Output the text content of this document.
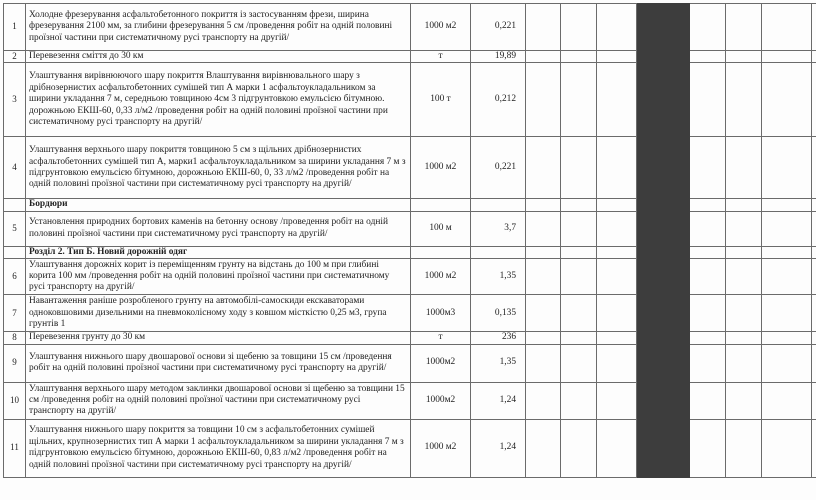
1	Холодне фрезерування асфальтобетонного покриття із застосуванням фрези, ширина фрезерування 2100 мм, за глибини фрезерування 5 см /проведення робіт на одній половині проїзної частини при систематичному русі транспорту на другій/	1000 м2	0,221								
2	Перевезення сміття до 30 км	т	19,89								
3	Улаштування вирівнюючого шару покриття Влаштування вирівнювального шару з дрібнозернистих асфальтобетонних сумішей тип А марки 1 асфальтоукладальником за ширини укладання 7 м, середньою товщиною 4см 3 підгрунтовкою емульсією бітумною. дорожньою ЕКШ-60, 0,33 л/м2 /проведення робіт на одній половині проїзної частини при систематичному русі транспорту на другій/	100 т	0,212								
4	Улаштування верхнього шару покриття товщиною 5 см з щільних дрібнозернистих асфальтобетонних сумішей тип А, марки1 асфальтоукладальником за ширини укладання 7 м з підгрунтовкою емульсією бітумною, дорожньою ЕКШ-60, 0, 33 л/м2 /проведення робіт на одній половині проїзної частини при систематичному русі транспорту на другій/	1000 м2	0,221								
	Бордюри										
5	Установлення природних бортових каменів на бетонну основу /проведення робіт на одній половині проїзної частини при систематичному русі транспорту на другій/	100 м	3,7								
	Розділ 2. Тип Б. Новий дорожній одяг										
6	Улаштування дорожніх корит із переміщенням грунту на відстань до 100 м при глибині корита 100 мм /проведення робіт на одній половині проїзної частини при систематичному русі транспорту на другій/	1000 м2	1,35								
7	Навантаження раніше розробленого грунту на автомобілі-самоскиди екскаваторами одноковшовими дизельними на пневмоколісному ходу з ковшом місткістю 0,25 м3, група грунтів 1	1000м3	0,135								
8	Перевезення грунту до 30 км	т	236								
9	Улаштування нижнього шару двошарової основи зі щебеню за товщини 15 см /проведення робіт на одній половині проїзної частини при систематичному русі транспорту на другій/	1000м2	1,35								
10	Улаштування верхнього шару методом заклинки двошарової основи зі щебеню за товщини 15 см /проведення робіт на одній половині проїзної частини при систематичному русі транспорту на другій/	1000м2	1,24								
11	Улаштування нижнього шару покриття за товщини 10 см з асфальтобетонних сумішей щільних, крупнозернистих тип А марки 1 асфальтоукладальником за ширини укладання 7 м з підгрунтовкою емульсією бітумною, дорожньою ЕКШ-60, 0,83 л/м2 /проведення робіт на одній половині проїзної частини при систематичному русі транспорту на другій/	1000 м2	1,24								
